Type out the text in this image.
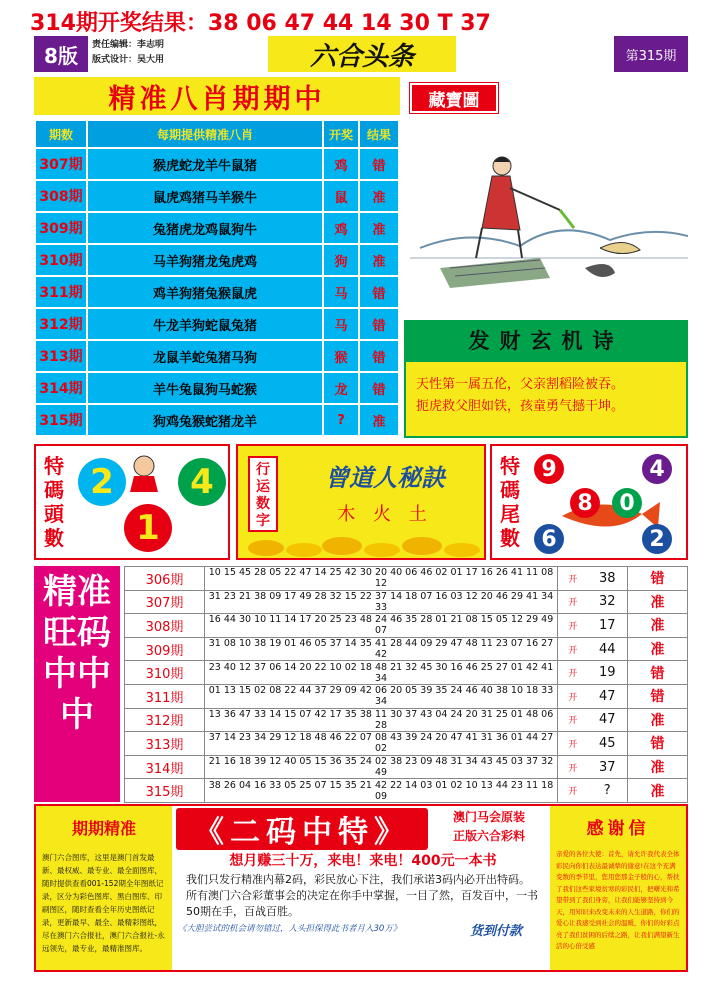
314期开奖结果：38 06 47 44 14 30 T 37
8版	责任编辑：李志明
版式设计：吴大用	六合头条	第315期
精准八肖期期中	藏寶圖
期数	每期提供精准八肖	开奖	结果
307期	猴虎蛇龙羊牛鼠猪	鸡	错
308期	鼠虎鸡猪马羊猴牛	鼠	准
309期	兔猪虎龙鸡鼠狗牛	鸡	准
310期	马羊狗猪龙兔虎鸡	狗	准
311期	鸡羊狗猪兔猴鼠虎	马	错
312期	牛龙羊狗蛇鼠兔猪	马	错
313期	龙鼠羊蛇兔猪马狗	猴	错
314期	羊牛兔鼠狗马蛇猴	龙	错
315期	狗鸡兔猴蛇猪龙羊	?	准
发财玄机诗
天性第一属五伦，父亲割稻险被吞。
扼虎救父胆如铁，孩童勇气撼干坤。
特碼頭數
2	4
1
行运数字
曾道人秘訣
木 火 土
特碼尾數
9	4
8	0
6	2
精准旺码中中中
306期	10 15 45 28 05 22 47 14 25 42 30 20 40 06 46 02 01 17 16 26 41 11 08 12	开	38	错
307期	31 23 21 38 09 17 49 28 32 15 22 37 14 18 07 16 03 12 20 46 29 41 34 33	开	32	准
308期	16 44 30 10 11 14 17 20 25 23 48 24 46 35 28 01 21 08 15 05 12 29 49 07	开	17	准
309期	31 08 10 38 19 01 46 05 37 14 35 41 28 44 09 29 47 48 11 23 07 16 27 42	开	44	准
310期	23 40 12 37 06 14 20 22 10 02 18 48 21 32 45 30 16 46 25 27 01 42 41 34	开	19	错
311期	01 13 15 02 08 22 44 37 29 09 42 06 20 05 39 35 24 46 40 38 10 18 33 34	开	47	错
312期	13 36 47 33 14 15 07 42 17 35 38 11 30 37 43 04 24 20 31 25 01 48 06 28	开	47	准
313期	37 14 23 34 29 12 18 48 46 22 07 08 43 39 24 20 47 41 31 36 01 44 27 02	开	45	错
314期	21 16 18 39 12 40 05 15 36 35 24 02 38 23 09 48 31 34 43 45 03 37 32 49	开	37	准
315期	38 26 04 16 33 05 25 07 15 35 21 42 22 14 03 01 02 10 13 44 23 11 18 09	开	?	准
期期精准

澳门六合图库，这里是澳门首发最新、最权威、最专业、最全面图库，随时提供查看001-152期全年图纸记录，区分为彩色图库、黑白图库、印刷图区，随时查看全年历史图纸记录，更新最早、最全、最精彩图纸，尽在澳门六合报社，澳门六合报社-永远领先，最专业，最精准图库。

《二码中特》	澳门马会原装
正版六合彩料
想月赚三十万，来电！来电！400元一本书
我们只发行精准内幕2码，彩民放心下注，我们承诺3码内必开出特码。所有澳门六合彩董事会的决定在你手中掌握，一目了然，百发百中，一书50期在手，百战百胜。
《大胆尝试的机会请勿错过，人头担保得此书者月入30万》	货到付款
感谢信

亲爱的各位大使：首先，请允许我代表全体彩民向你们表达最诚挚的谢意!在这个充满变数的季节里，您用您那金子般的心，帮扶了我们这些家境贫寒的彩民们，把曙光和希望带到了我们身旁，让我们能够坚持到今天，用知识来改变未来的人生道路，你们的爱心让我感受到社会的温暖，你们的好彩点亮了我们贫困的后续之路，让我们满望新生活的心倍受感
